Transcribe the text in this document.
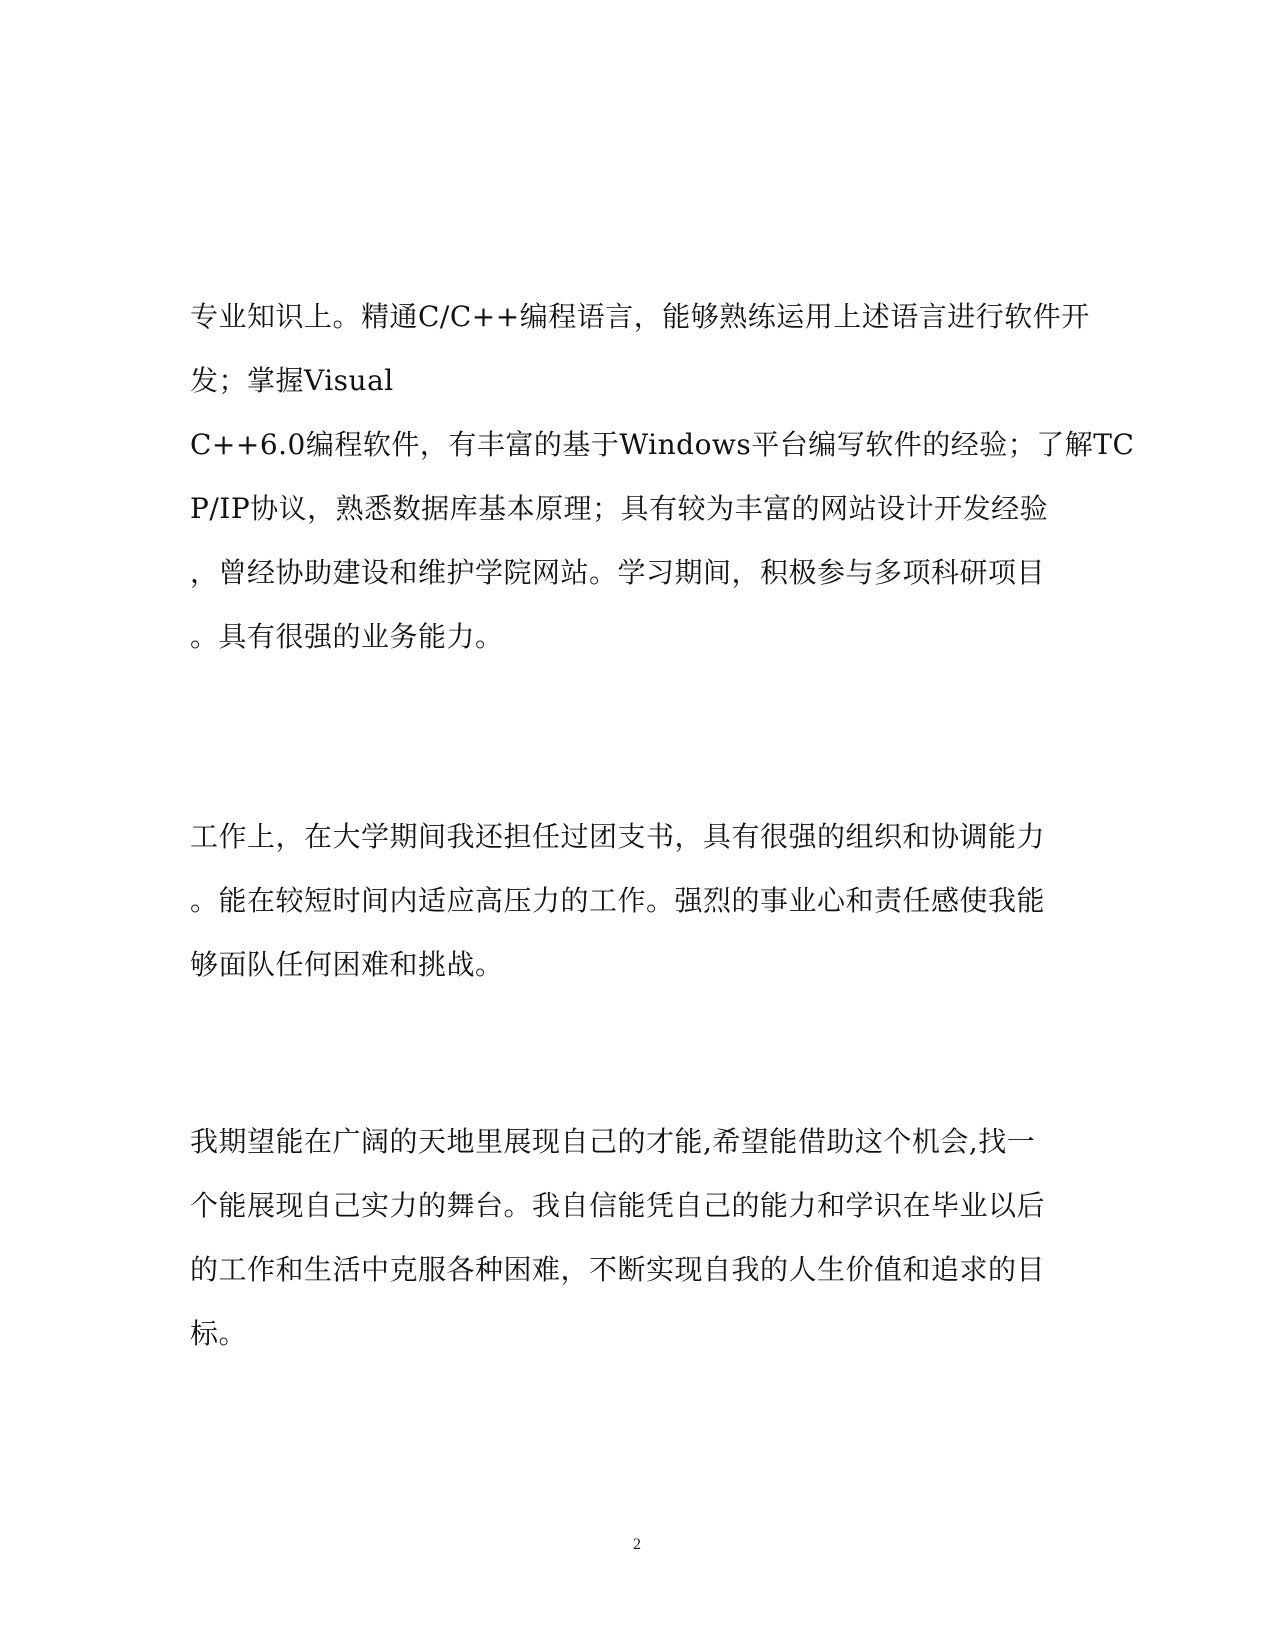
专业知识上。精通C/C++编程语言，能够熟练运用上述语言进行软件开
发；掌握Visual
C++6.0编程软件，有丰富的基于Windows平台编写软件的经验；了解TC
P/IP协议，熟悉数据库基本原理；具有较为丰富的网站设计开发经验
，曾经协助建设和维护学院网站。学习期间，积极参与多项科研项目
。具有很强的业务能力。
工作上，在大学期间我还担任过团支书，具有很强的组织和协调能力
。能在较短时间内适应高压力的工作。强烈的事业心和责任感使我能
够面队任何困难和挑战。
我期望能在广阔的天地里展现自己的才能,希望能借助这个机会,找一
个能展现自己实力的舞台。我自信能凭自己的能力和学识在毕业以后
的工作和生活中克服各种困难，不断实现自我的人生价值和追求的目
标。
2
